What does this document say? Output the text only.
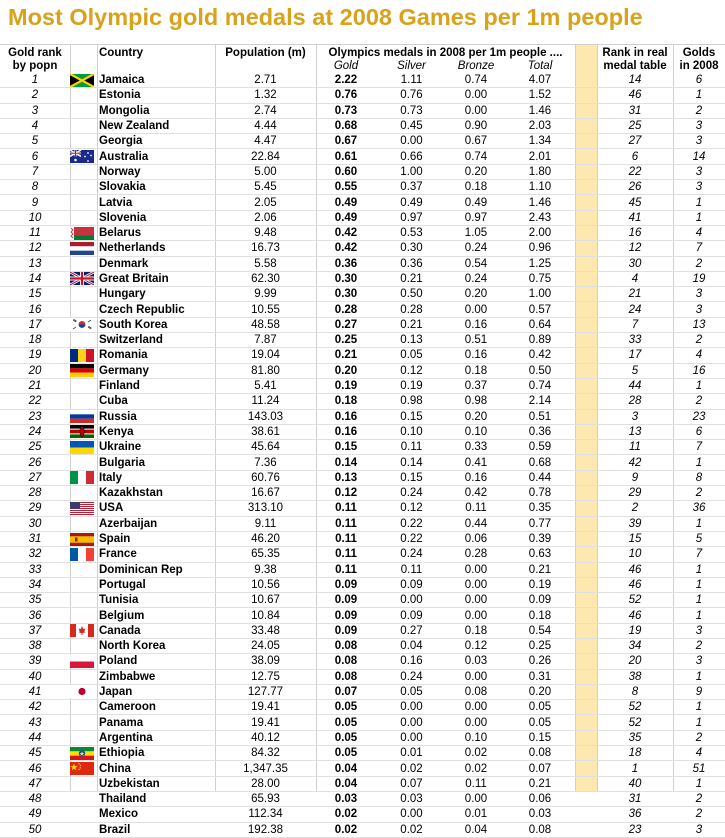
Most Olympic gold medals at 2008 Games per 1m people
Gold rank		Country	Population (m)	Olympics medals in 2008 per 1m people ....					Rank in real	Golds
by popn				Gold	Silver	Bronze	Total		medal table	in 2008
1		Jamaica	2.71	2.22	1.11	0.74	4.07		14	6
2		Estonia	1.32	0.76	0.76	0.00	1.52		46	1
3		Mongolia	2.74	0.73	0.73	0.00	1.46		31	2
4		New Zealand	4.44	0.68	0.45	0.90	2.03		25	3
5		Georgia	4.47	0.67	0.00	0.67	1.34		27	3
6		Australia	22.84	0.61	0.66	0.74	2.01		6	14
7		Norway	5.00	0.60	1.00	0.20	1.80		22	3
8		Slovakia	5.45	0.55	0.37	0.18	1.10		26	3
9		Latvia	2.05	0.49	0.49	0.49	1.46		45	1
10		Slovenia	2.06	0.49	0.97	0.97	2.43		41	1
11		Belarus	9.48	0.42	0.53	1.05	2.00		16	4
12		Netherlands	16.73	0.42	0.30	0.24	0.96		12	7
13		Denmark	5.58	0.36	0.36	0.54	1.25		30	2
14		Great Britain	62.30	0.30	0.21	0.24	0.75		4	19
15		Hungary	9.99	0.30	0.50	0.20	1.00		21	3
16		Czech Republic	10.55	0.28	0.28	0.00	0.57		24	3
17		South Korea	48.58	0.27	0.21	0.16	0.64		7	13
18		Switzerland	7.87	0.25	0.13	0.51	0.89		33	2
19		Romania	19.04	0.21	0.05	0.16	0.42		17	4
20		Germany	81.80	0.20	0.12	0.18	0.50		5	16
21		Finland	5.41	0.19	0.19	0.37	0.74		44	1
22		Cuba	11.24	0.18	0.98	0.98	2.14		28	2
23		Russia	143.03	0.16	0.15	0.20	0.51		3	23
24		Kenya	38.61	0.16	0.10	0.10	0.36		13	6
25		Ukraine	45.64	0.15	0.11	0.33	0.59		11	7
26		Bulgaria	7.36	0.14	0.14	0.41	0.68		42	1
27		Italy	60.76	0.13	0.15	0.16	0.44		9	8
28		Kazakhstan	16.67	0.12	0.24	0.42	0.78		29	2
29		USA	313.10	0.11	0.12	0.11	0.35		2	36
30		Azerbaijan	9.11	0.11	0.22	0.44	0.77		39	1
31		Spain	46.20	0.11	0.22	0.06	0.39		15	5
32		France	65.35	0.11	0.24	0.28	0.63		10	7
33		Dominican Rep	9.38	0.11	0.11	0.00	0.21		46	1
34		Portugal	10.56	0.09	0.09	0.00	0.19		46	1
35		Tunisia	10.67	0.09	0.00	0.00	0.09		52	1
36		Belgium	10.84	0.09	0.09	0.00	0.18		46	1
37		Canada	33.48	0.09	0.27	0.18	0.54		19	3
38		North Korea	24.05	0.08	0.04	0.12	0.25		34	2
39		Poland	38.09	0.08	0.16	0.03	0.26		20	3
40		Zimbabwe	12.75	0.08	0.24	0.00	0.31		38	1
41		Japan	127.77	0.07	0.05	0.08	0.20		8	9
42		Cameroon	19.41	0.05	0.00	0.00	0.05		52	1
43		Panama	19.41	0.05	0.00	0.00	0.05		52	1
44		Argentina	40.12	0.05	0.00	0.10	0.15		35	2
45		Ethiopia	84.32	0.05	0.01	0.02	0.08		18	4
46		China	1,347.35	0.04	0.02	0.02	0.07		1	51
47		Uzbekistan	28.00	0.04	0.07	0.11	0.21		40	1
48		Thailand	65.93	0.03	0.03	0.00	0.06		31	2
49		Mexico	112.34	0.02	0.00	0.01	0.03		36	2
50		Brazil	192.38	0.02	0.02	0.04	0.08		23	3
